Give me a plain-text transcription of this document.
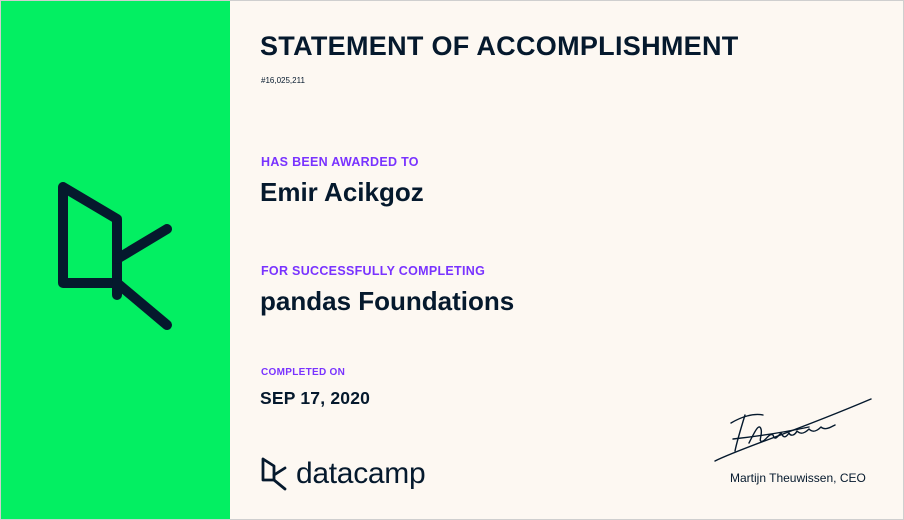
STATEMENT OF ACCOMPLISHMENT
#16,025,211
HAS BEEN AWARDED TO
Emir Acikgoz
FOR SUCCESSFULLY COMPLETING
pandas Foundations
COMPLETED ON
SEP 17, 2020
datacamp	Theuwissen
Martijn Theuwissen, CEO
